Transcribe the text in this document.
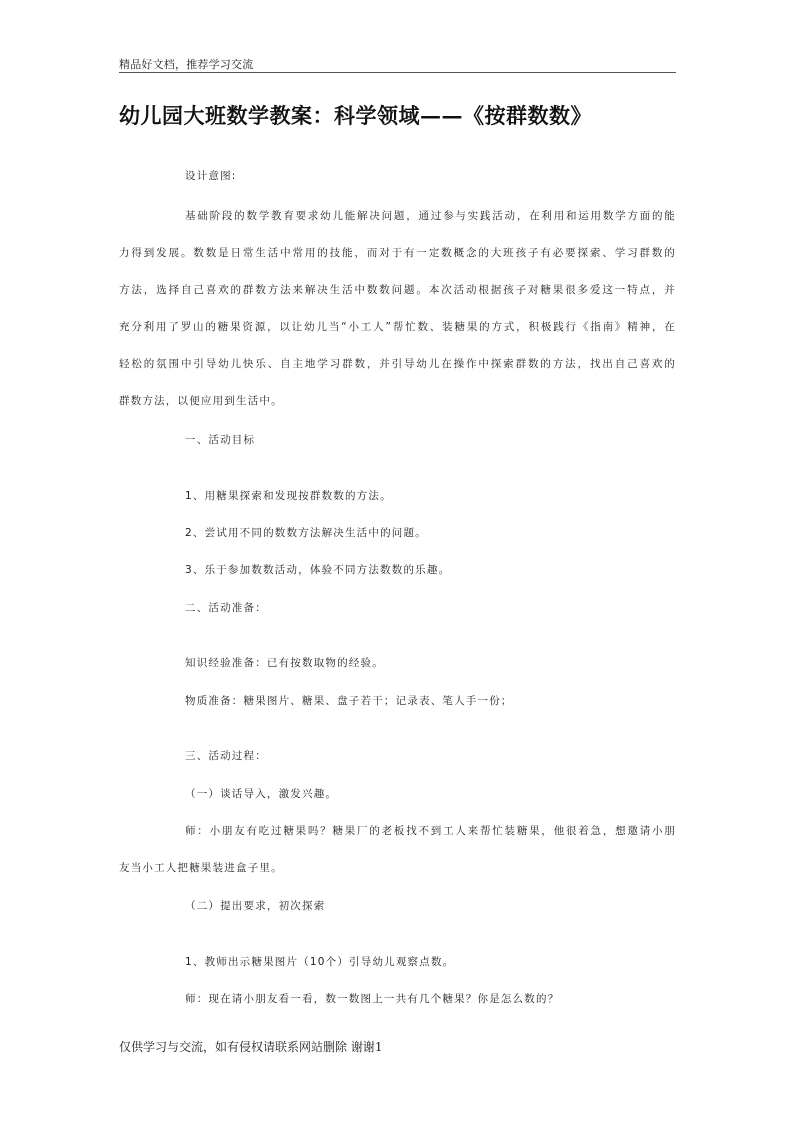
精品好文档，推荐学习交流
幼儿园大班数学教案：科学领域——《按群数数》
设计意图:
基础阶段的数学教育要求幼儿能解决问题，通过参与实践活动，在利用和运用数学方面的能
力得到发展。数数是日常生活中常用的技能，而对于有一定数概念的大班孩子有必要探索、学习群数的
方法，选择自己喜欢的群数方法来解决生活中数数问题。本次活动根据孩子对糖果很多爱这一特点，并
充分利用了罗山的糖果资源，以让幼儿当“小工人”帮忙数、装糖果的方式，积极践行《指南》精神，在
轻松的氛围中引导幼儿快乐、自主地学习群数，并引导幼儿在操作中探索群数的方法，找出自己喜欢的
群数方法，以便应用到生活中。
一、活动目标
1、用糖果探索和发现按群数数的方法。
2、尝试用不同的数数方法解决生活中的问题。
3、乐于参加数数活动，体验不同方法数数的乐趣。
二、活动准备：
知识经验准备：已有按数取物的经验。
物质准备：糖果图片、糖果、盘子若干；记录表、笔人手一份；
三、活动过程：
（一）谈话导入，激发兴趣。
师：小朋友有吃过糖果吗？糖果厂的老板找不到工人来帮忙装糖果，他很着急，想邀请小朋
友当小工人把糖果装进盒子里。
（二）提出要求，初次探索
1、教师出示糖果图片（10个）引导幼儿观察点数。
师：现在请小朋友看一看，数一数图上一共有几个糖果？你是怎么数的？
仅供学习与交流，如有侵权请联系网站删除 谢谢1
